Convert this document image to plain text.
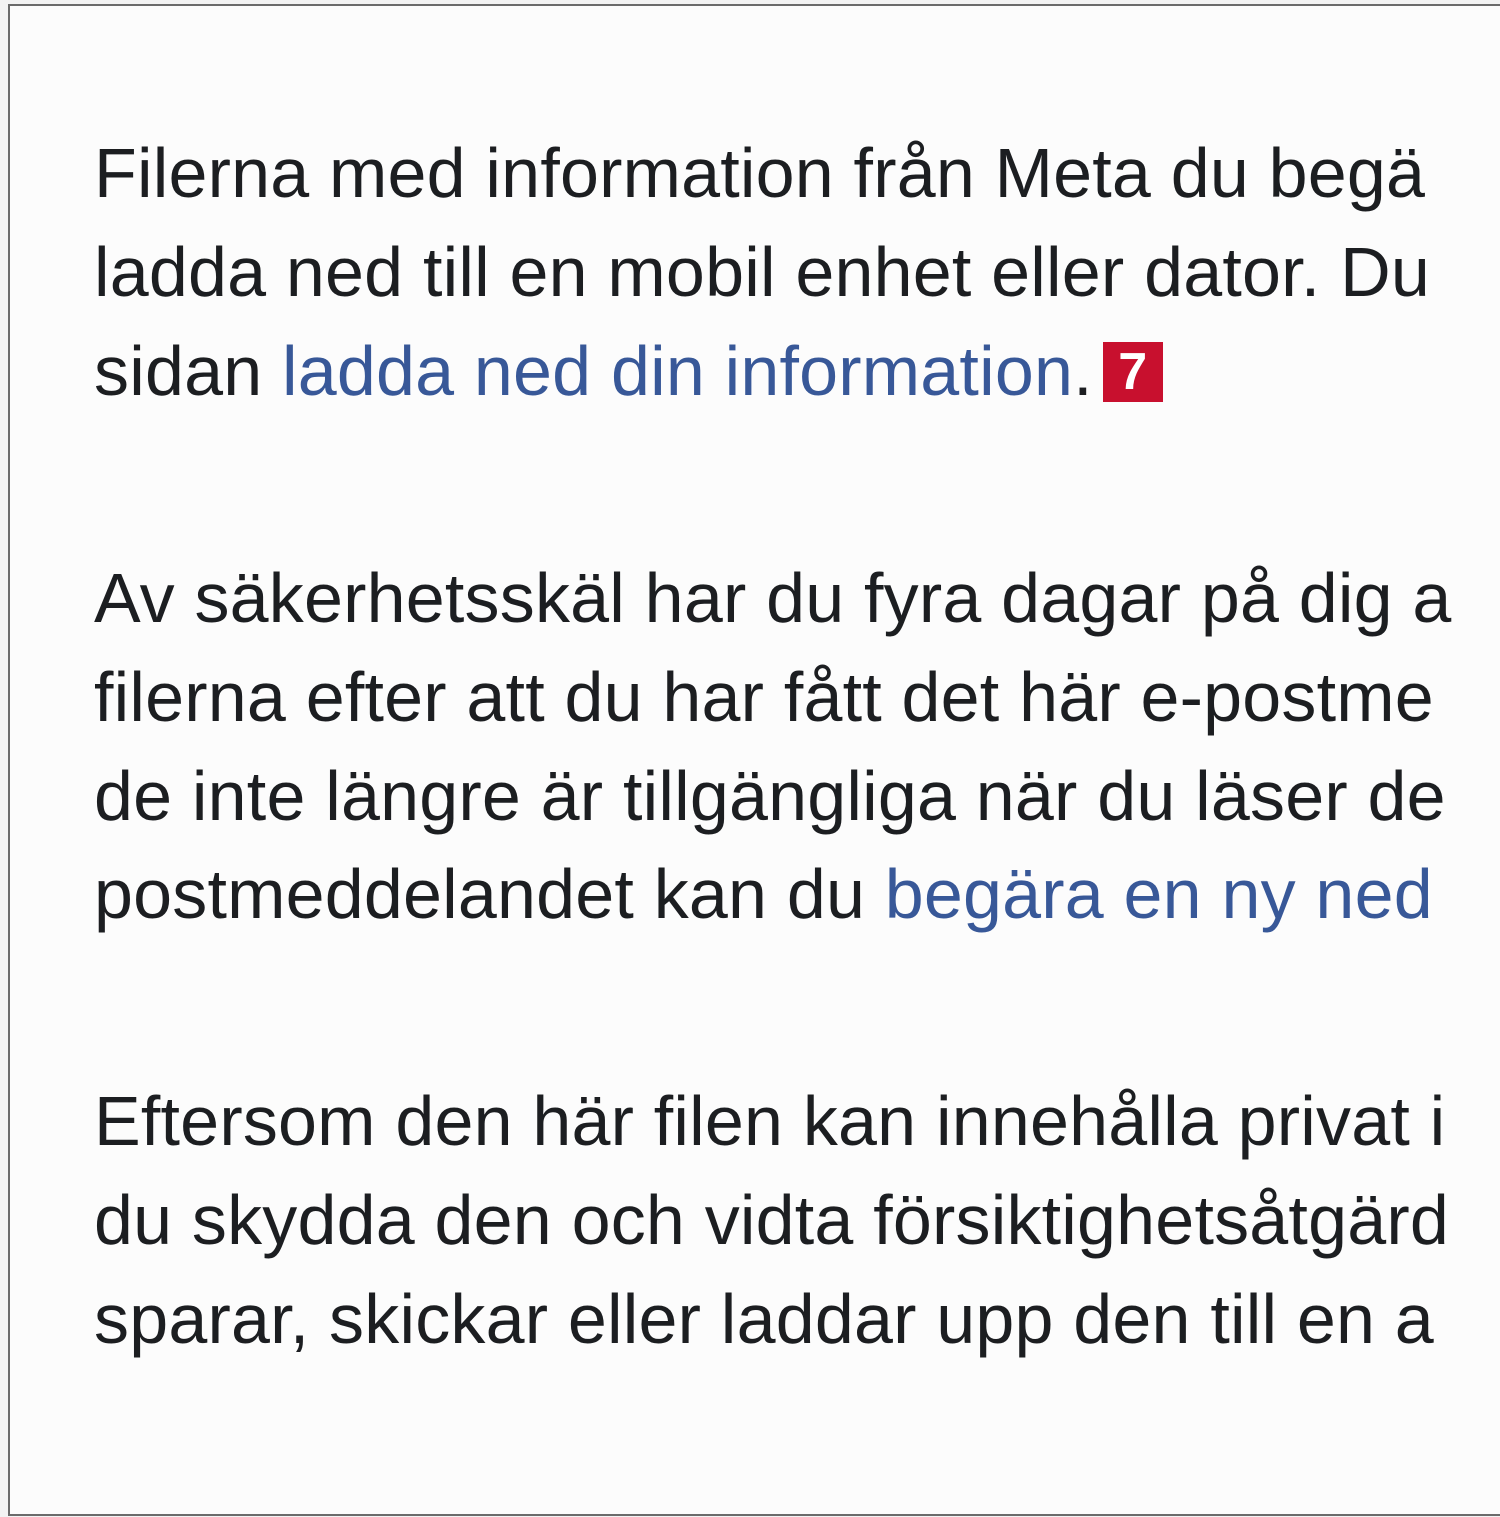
Filerna med information från Meta du begä
ladda ned till en mobil enhet eller dator. Du
sidan ladda ned din information. 7
Av säkerhetsskäl har du fyra dagar på dig a
filerna efter att du har fått det här e-postme
de inte längre är tillgängliga när du läser de
postmeddelandet kan du begära en ny ned
Eftersom den här filen kan innehålla privat i
du skydda den och vidta försiktighetsåtgärd
sparar, skickar eller laddar upp den till en a
